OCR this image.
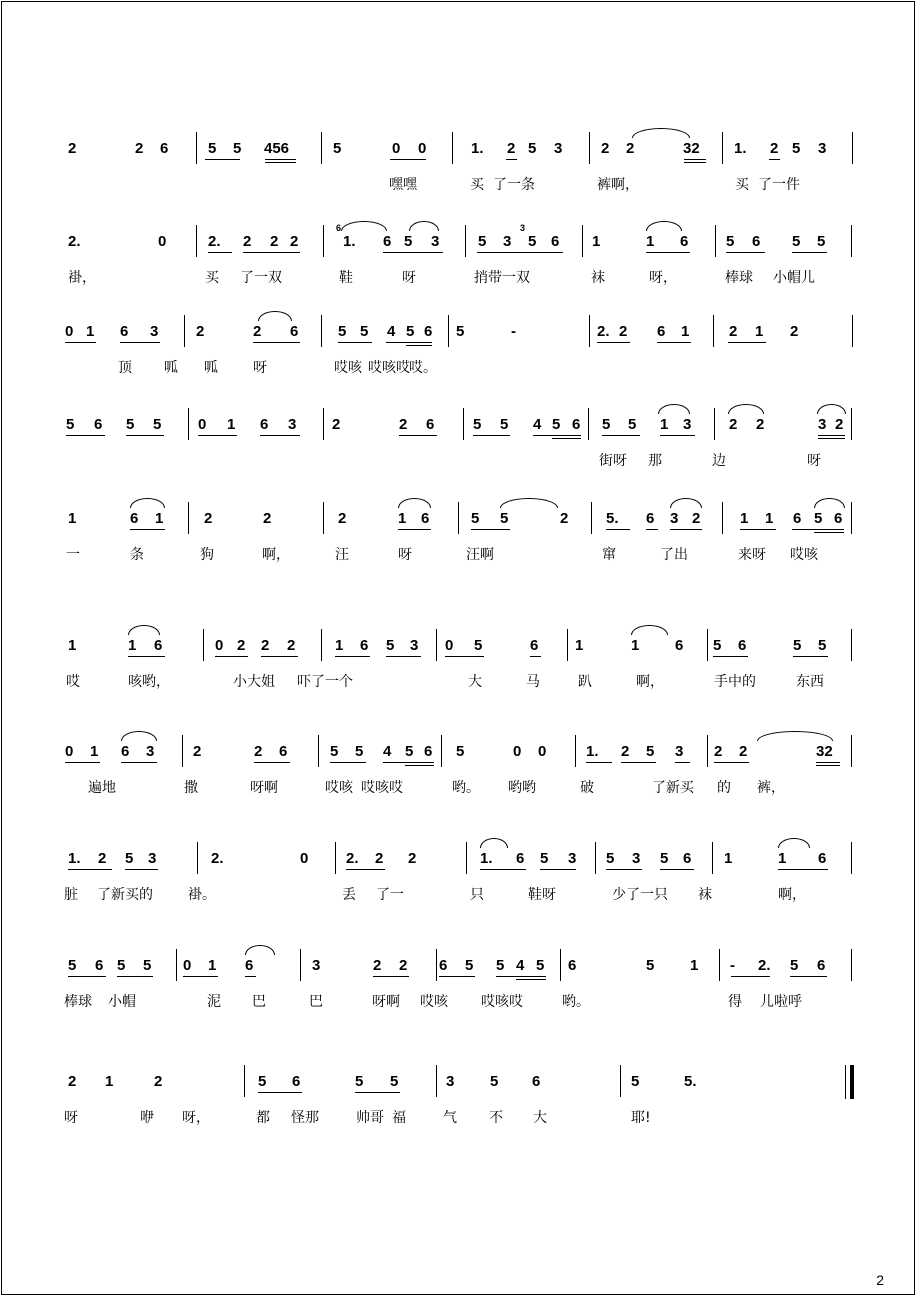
2	2 6	5 5 456	5	0 0	1. 2 5 3	2 2	32 1. 2 5 3
嘿嘿	买 了一条	裤啊，	买 了一件
2.	0	2. 2 2 2	1. 6 5 3	5 3 5 6 1	1 6	5 6 5 5
6	3
褂，	买 了一双	鞋	呀	捎带一双	袜	呀，	棒球 小帽儿
0 1 6 3	2	2 6	5 5 4 5 6 5	-	2. 2 6 1	2 1 2
顶 呱 呱	呀	哎咳 哎咳哎 哎。
5 6 5 5 0 1 6 3 2	2 6	5 5 4 5 6 5 5 1 3	2 2	3 2
街呀 那	边	呀
1	6 1	2	2	2	1 6	5 5	2	5. 6 3 2	1 1 6 5 6
一	条	狗	啊，	汪	呀	汪啊	窜	了出	来呀 哎咳
1	1 6	0 2 2 2	1 6 5 3 0 5	6 1	1 6 5 6	5 5
哎	咳哟，	小大姐 吓了一个	大	马	趴	啊，	手中的	东西
0 1 6 3	2	2 6	5 5 4 5 6 5	0 0	1. 2 5 3 2 2	32
遍地	撒	呀啊	哎咳 哎咳哎	哟。 哟哟	破	了新买 的 裤，
1. 2 5 3	2.	0	2. 2 2	1. 6 5 3 5 3 5 6 1	1 6
脏 了新买的	褂。	丢 了一	只	鞋呀	少了一只 袜	啊，
5 6 5 5 0 1 6	3	2 2 6 5 5 4 5 6	5	- 2. 5 6
1
棒球 小帽	泥 巴	巴	呀啊 哎咳 哎咳哎	哟。	得 儿啦呼
2 1	2	5 6	5 5	3 5 6	5	5.
呀	咿 呀，	都 怪那	帅哥 福	气 不 大	耶!
2
